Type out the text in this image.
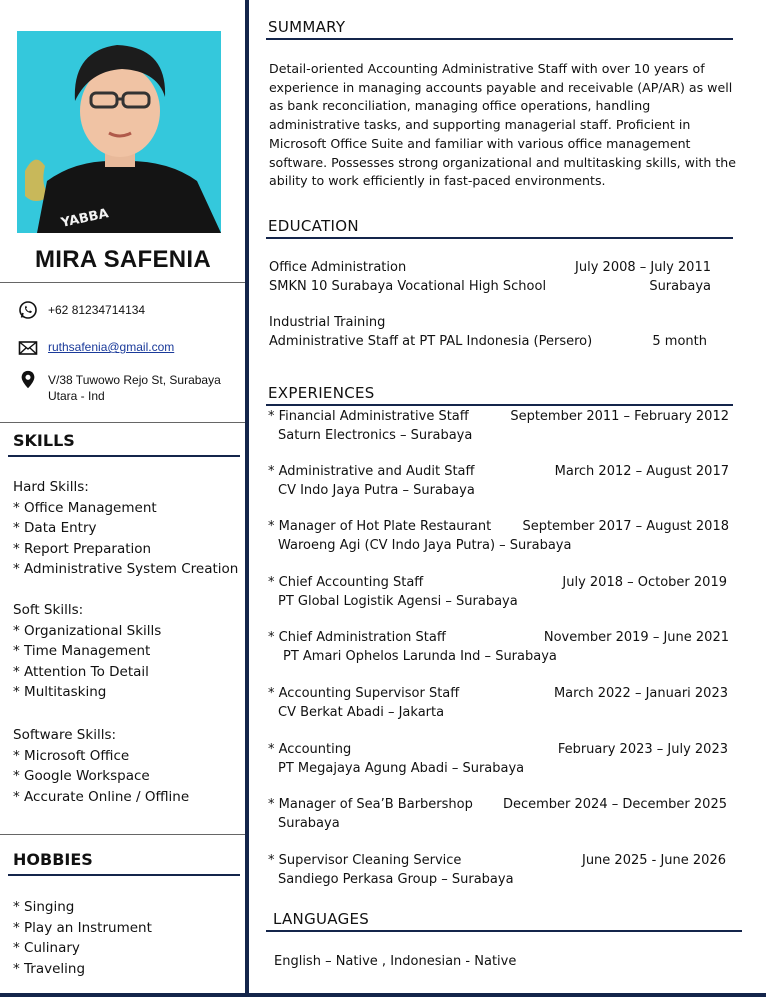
YABBA
MIRA SAFENIA
+62 81234714134
ruthsafenia@gmail.com
V/38 Tuwowo Rejo St, Surabaya
Utara - Ind
SKILLS
Hard Skills:
* Office Management
* Data Entry
* Report Preparation
* Administrative System Creation
Soft Skills:
* Organizational Skills
* Time Management
* Attention To Detail
* Multitasking
Software Skills:
* Microsoft Office
* Google Workspace
* Accurate Online / Offline
HOBBIES
* Singing
* Play an Instrument
* Culinary
* Traveling
SUMMARY
Detail-oriented Accounting Administrative Staff with over 10 years of experience in managing accounts payable and receivable (AP/AR) as well as bank reconciliation, managing office operations, handling administrative tasks, and supporting managerial staff. Proficient in Microsoft Office Suite and familiar with various office management software. Possesses strong organizational and multitasking skills, with the ability to work efficiently in fast-paced environments.
EDUCATION
Office Administration	July 2008 – July 2011
SMKN 10 Surabaya Vocational High School	Surabaya
Industrial Training
Administrative Staff at PT PAL Indonesia (Persero)	5 month
EXPERIENCES
* Financial Administrative Staff	September 2011 – February 2012
Saturn Electronics – Surabaya
* Administrative and Audit Staff	March 2012 – August 2017
CV Indo Jaya Putra – Surabaya
* Manager of Hot Plate Restaurant September 2017 – August 2018
Waroeng Agi (CV Indo Jaya Putra) – Surabaya
* Chief Accounting Staff	July 2018 – October 2019
PT Global Logistik Agensi – Surabaya
* Chief Administration Staff	November 2019 – June 2021
PT Amari Ophelos Larunda Ind – Surabaya
* Accounting Supervisor Staff	March 2022 – Januari 2023
CV Berkat Abadi – Jakarta
* Accounting	February 2023 – July 2023
PT Megajaya Agung Abadi – Surabaya
* Manager of Sea’B Barbershop December 2024 – December 2025
Surabaya
* Supervisor Cleaning Service	June 2025 - June 2026
Sandiego Perkasa Group – Surabaya
LANGUAGES
English – Native , Indonesian - Native
